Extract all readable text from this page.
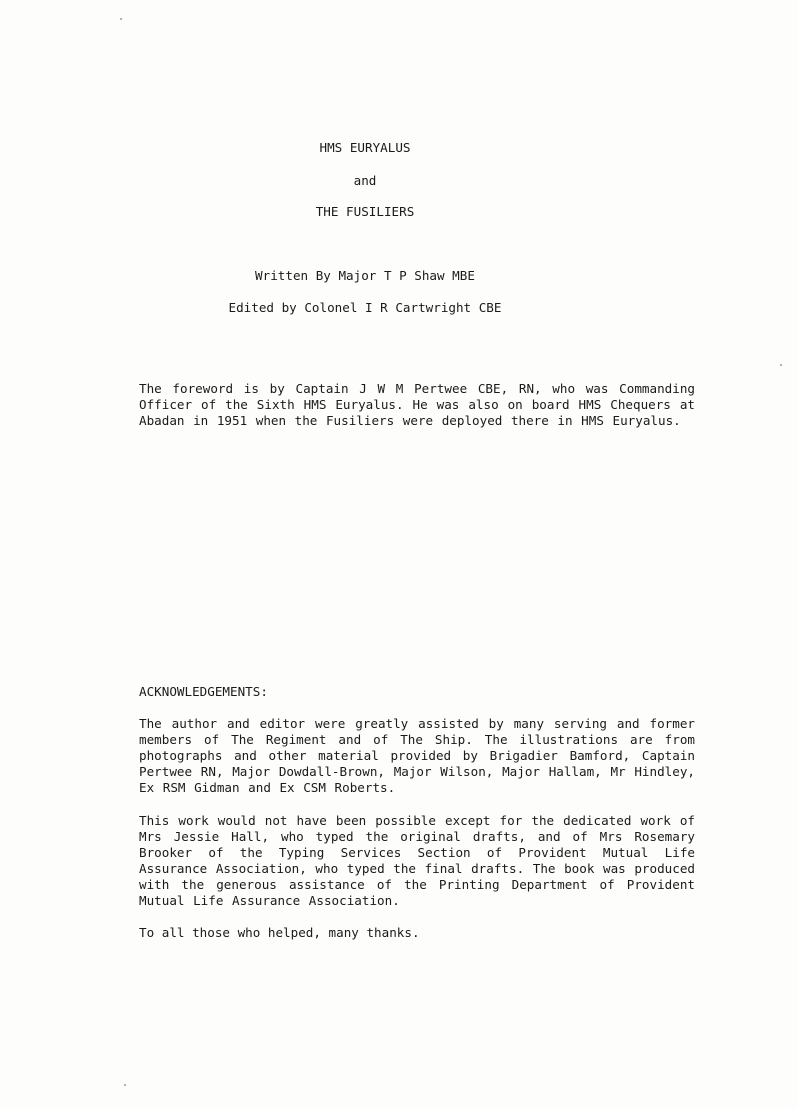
HMS EURYALUS
and
THE FUSILIERS
Written By Major T P Shaw MBE
Edited by Colonel I R Cartwright CBE

The foreword is by Captain J W M Pertwee CBE, RN, who was Commanding Officer of the Sixth HMS Euryalus. He was also on board HMS Chequers at Abadan in 1951 when the Fusiliers were deployed there in HMS Euryalus.

ACKNOWLEDGEMENTS:

The author and editor were greatly assisted by many serving and former members of The Regiment and of The Ship. The illustrations are from photographs and other material provided by Brigadier Bamford, Captain Pertwee RN, Major Dowdall-Brown, Major Wilson, Major Hallam, Mr Hindley, Ex RSM Gidman and Ex CSM Roberts.

This work would not have been possible except for the dedicated work of Mrs Jessie Hall, who typed the original drafts, and of Mrs Rosemary Brooker of the Typing Services Section of Provident Mutual Life Assurance Association, who typed the final drafts. The book was produced with the generous assistance of the Printing Department of Provident Mutual Life Assurance Association.

To all those who helped, many thanks.
